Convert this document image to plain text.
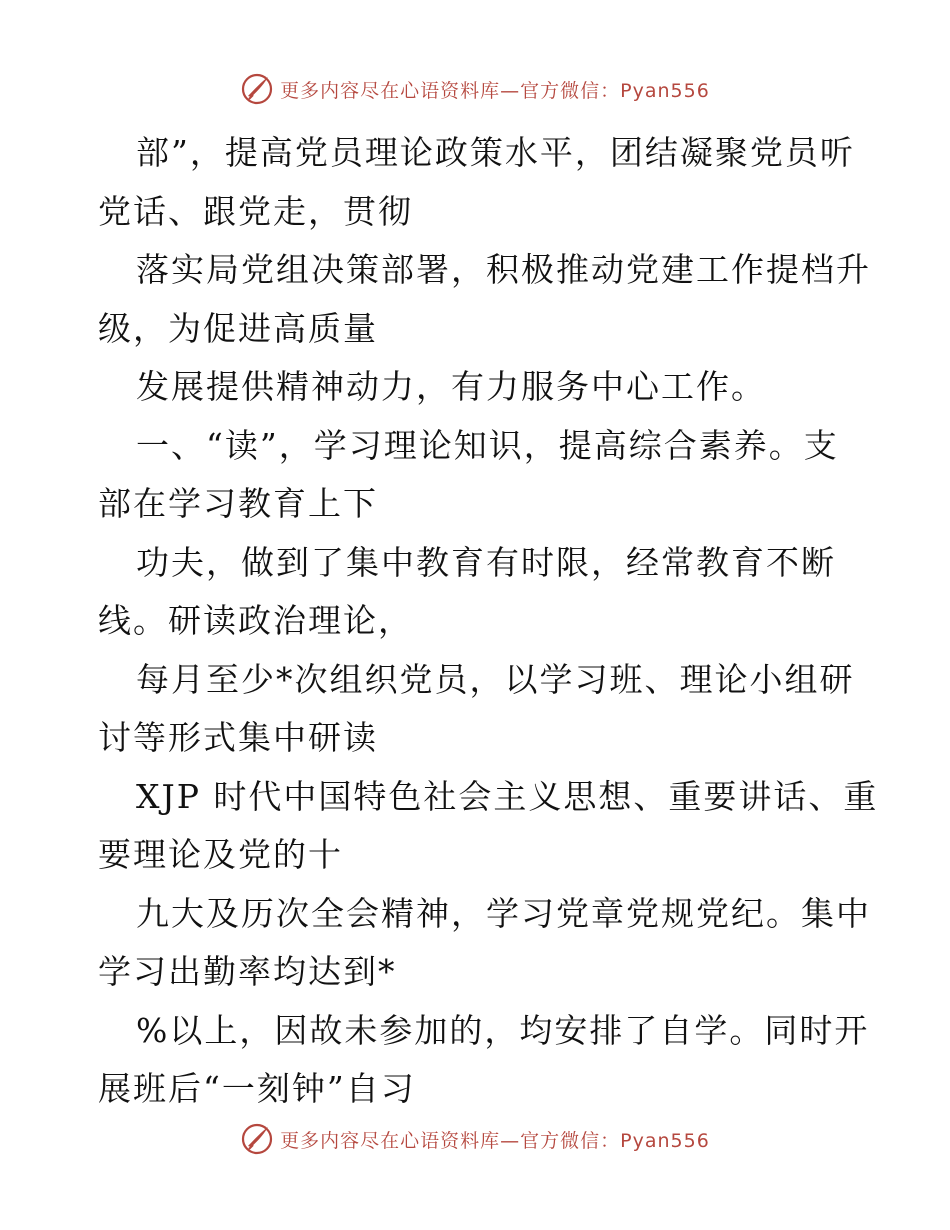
更多内容尽在心语资料库—官方微信：Pyan556

部”，提高党员理论政策水平，团结凝聚党员听
党话、跟党走，贯彻

落实局党组决策部署，积极推动党建工作提档升
级，为促进高质量

发展提供精神动力，有力服务中心工作。

一、“读”，学习理论知识，提高综合素养。支
部在学习教育上下

功夫，做到了集中教育有时限，经常教育不断
线。研读政治理论，

每月至少*次组织党员，以学习班、理论小组研
讨等形式集中研读

XJP 时代中国特色社会主义思想、重要讲话、重
要理论及党的十

九大及历次全会精神，学习党章党规党纪。集中
学习出勤率均达到*

%以上，因故未参加的，均安排了自学。同时开
展班后“一刻钟”自习

更多内容尽在心语资料库—官方微信：Pyan556
